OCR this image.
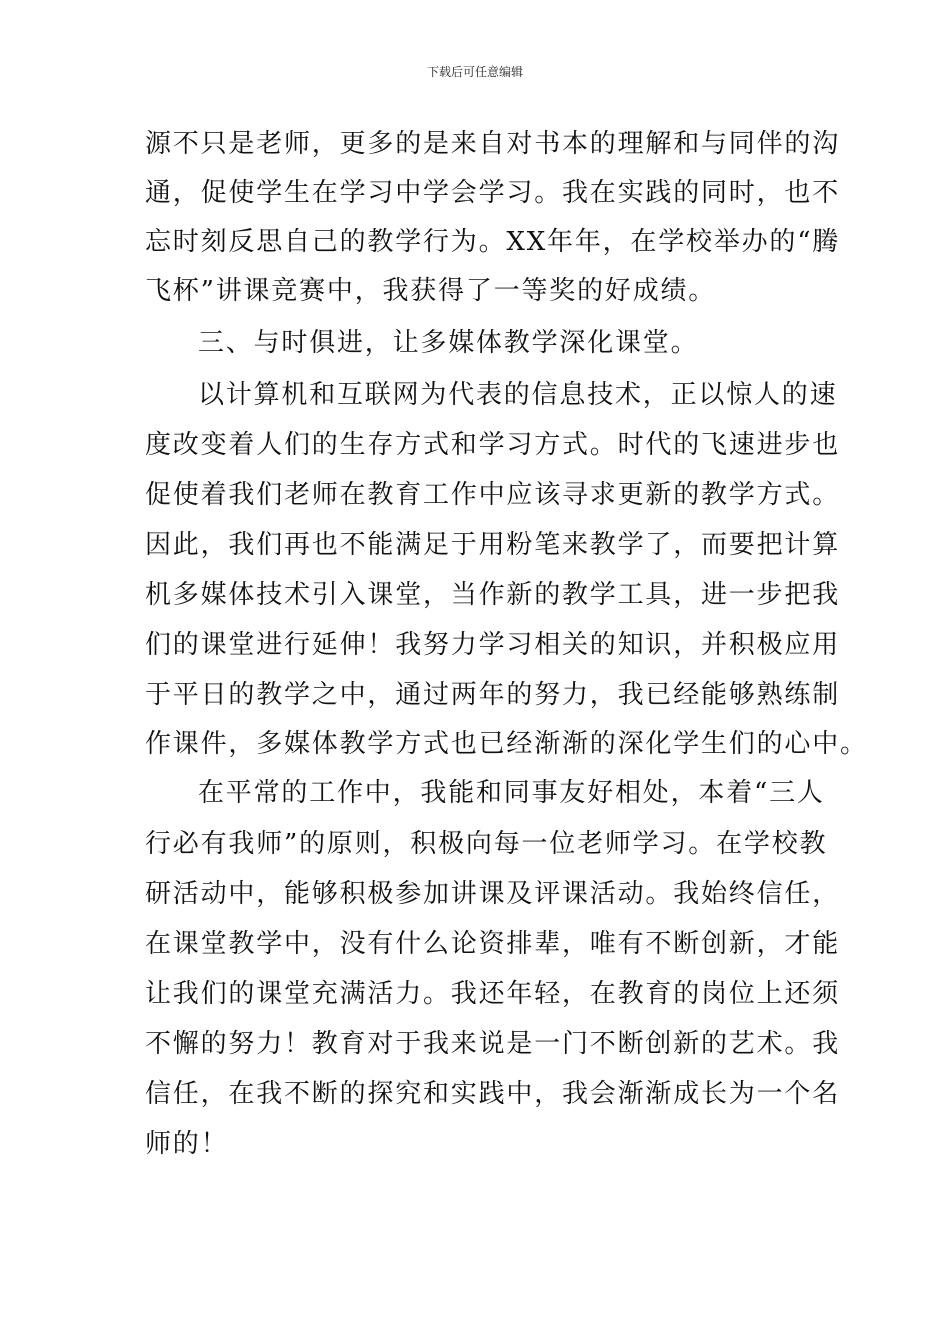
下载后可任意编辑
源不只是老师，更多的是来自对书本的理解和与同伴的沟
通，促使学生在学习中学会学习。我在实践的同时，也不
忘时刻反思自己的教学行为。XX年年，在学校举办的“腾
飞杯”讲课竞赛中，我获得了一等奖的好成绩。
三、与时俱进，让多媒体教学深化课堂。
以计算机和互联网为代表的信息技术，正以惊人的速
度改变着人们的生存方式和学习方式。时代的飞速进步也
促使着我们老师在教育工作中应该寻求更新的教学方式。
因此，我们再也不能满足于用粉笔来教学了，而要把计算
机多媒体技术引入课堂，当作新的教学工具，进一步把我
们的课堂进行延伸！我努力学习相关的知识，并积极应用
于平日的教学之中，通过两年的努力，我已经能够熟练制
作课件，多媒体教学方式也已经渐渐的深化学生们的心中。
在平常的工作中，我能和同事友好相处，本着“三人
行必有我师”的原则，积极向每一位老师学习。在学校教
研活动中，能够积极参加讲课及评课活动。我始终信任，
在课堂教学中，没有什么论资排辈，唯有不断创新，才能
让我们的课堂充满活力。我还年轻，在教育的岗位上还须
不懈的努力！教育对于我来说是一门不断创新的艺术。我
信任，在我不断的探究和实践中，我会渐渐成长为一个名
师的！
